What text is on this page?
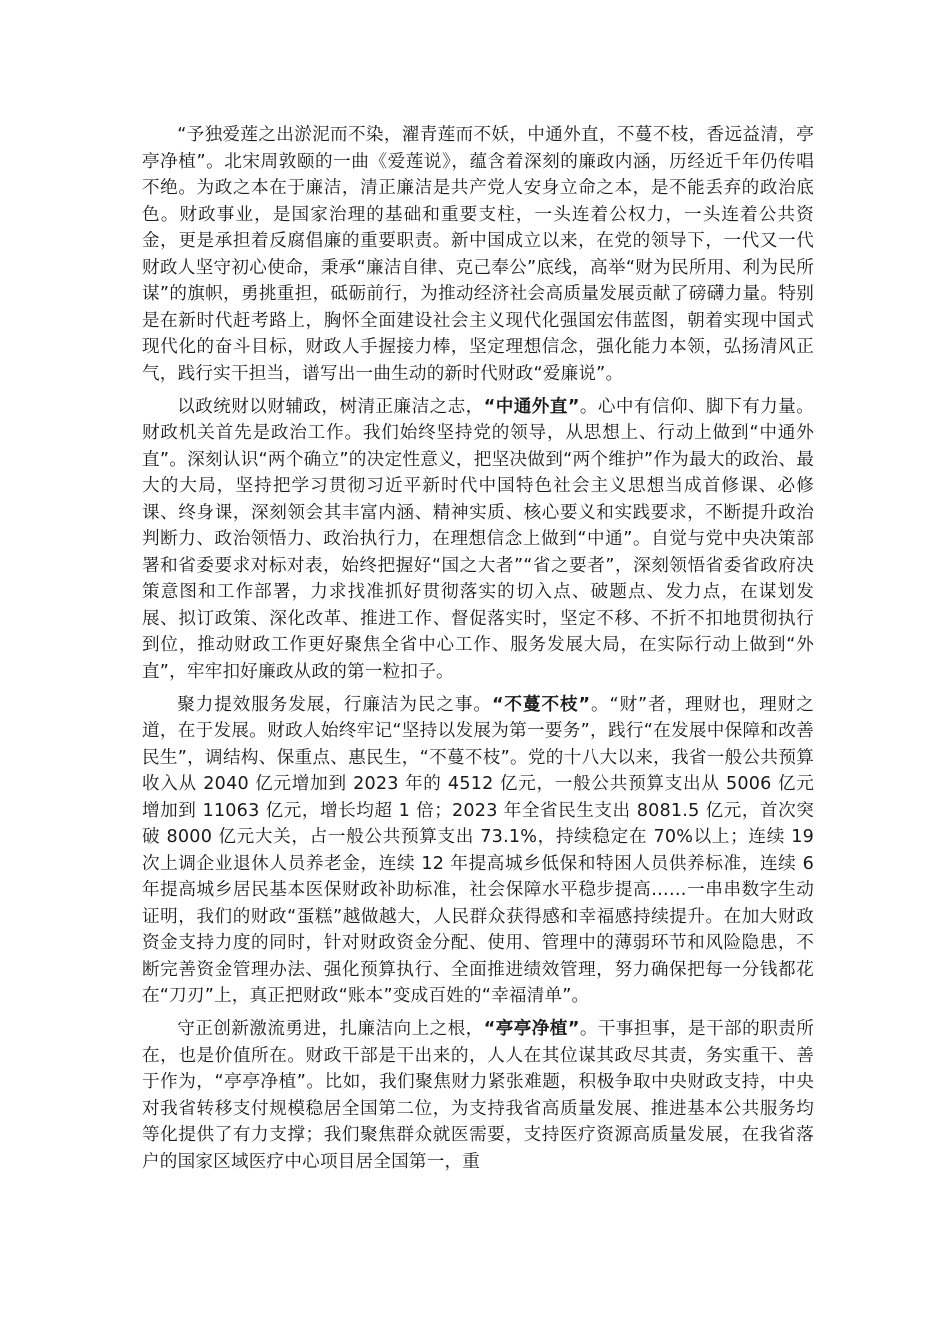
“予独爱莲之出淤泥而不染，濯青莲而不妖，中通外直，不蔓不枝，香远益清，亭亭净植”。北宋周敦颐的一曲《爱莲说》，蕴含着深刻的廉政内涵，历经近千年仍传唱不绝。为政之本在于廉洁，清正廉洁是共产党人安身立命之本，是不能丢弃的政治底色。财政事业，是国家治理的基础和重要支柱，一头连着公权力，一头连着公共资金，更是承担着反腐倡廉的重要职责。新中国成立以来，在党的领导下，一代又一代财政人坚守初心使命，秉承“廉洁自律、克己奉公”底线，高举“财为民所用、利为民所谋”的旗帜，勇挑重担，砥砺前行，为推动经济社会高质量发展贡献了磅礴力量。特别是在新时代赶考路上，胸怀全面建设社会主义现代化强国宏伟蓝图，朝着实现中国式现代化的奋斗目标，财政人手握接力棒，坚定理想信念，强化能力本领，弘扬清风正气，践行实干担当，谱写出一曲生动的新时代财政“爱廉说”。

以政统财以财辅政，树清正廉洁之志，“中通外直”。心中有信仰、脚下有力量。财政机关首先是政治工作。我们始终坚持党的领导，从思想上、行动上做到“中通外直”。深刻认识“两个确立”的决定性意义，把坚决做到“两个维护”作为最大的政治、最大的大局，坚持把学习贯彻习近平新时代中国特色社会主义思想当成首修课、必修课、终身课，深刻领会其丰富内涵、精神实质、核心要义和实践要求，不断提升政治判断力、政治领悟力、政治执行力，在理想信念上做到“中通”。自觉与党中央决策部署和省委要求对标对表，始终把握好“国之大者”“省之要者”，深刻领悟省委省政府决策意图和工作部署，力求找准抓好贯彻落实的切入点、破题点、发力点，在谋划发展、拟订政策、深化改革、推进工作、督促落实时，坚定不移、不折不扣地贯彻执行到位，推动财政工作更好聚焦全省中心工作、服务发展大局，在实际行动上做到“外直”，牢牢扣好廉政从政的第一粒扣子。

聚力提效服务发展，行廉洁为民之事。“不蔓不枝”。“财”者，理财也，理财之道，在于发展。财政人始终牢记“坚持以发展为第一要务”，践行“在发展中保障和改善民生”，调结构、保重点、惠民生，“不蔓不枝”。党的十八大以来，我省一般公共预算收入从 2040 亿元增加到 2023 年的 4512 亿元，一般公共预算支出从 5006 亿元增加到 11063 亿元，增长均超 1 倍；2023 年全省民生支出 8081.5 亿元，首次突破 8000 亿元大关，占一般公共预算支出 73.1%，持续稳定在 70%以上；连续 19 次上调企业退休人员养老金，连续 12 年提高城乡低保和特困人员供养标准，连续 6 年提高城乡居民基本医保财政补助标准，社会保障水平稳步提高……一串串数字生动证明，我们的财政“蛋糕”越做越大，人民群众获得感和幸福感持续提升。在加大财政资金支持力度的同时，针对财政资金分配、使用、管理中的薄弱环节和风险隐患，不断完善资金管理办法、强化预算执行、全面推进绩效管理，努力确保把每一分钱都花在“刀刃”上，真正把财政“账本”变成百姓的“幸福清单”。

守正创新激流勇进，扎廉洁向上之根，“亭亭净植”。干事担事，是干部的职责所在，也是价值所在。财政干部是干出来的，人人在其位谋其政尽其责，务实重干、善于作为，“亭亭净植”。比如，我们聚焦财力紧张难题，积极争取中央财政支持，中央对我省转移支付规模稳居全国第二位，为支持我省高质量发展、推进基本公共服务均等化提供了有力支撑；我们聚焦群众就医需要，支持医疗资源高质量发展，在我省落户的国家区域医疗中心项目居全国第一，重
